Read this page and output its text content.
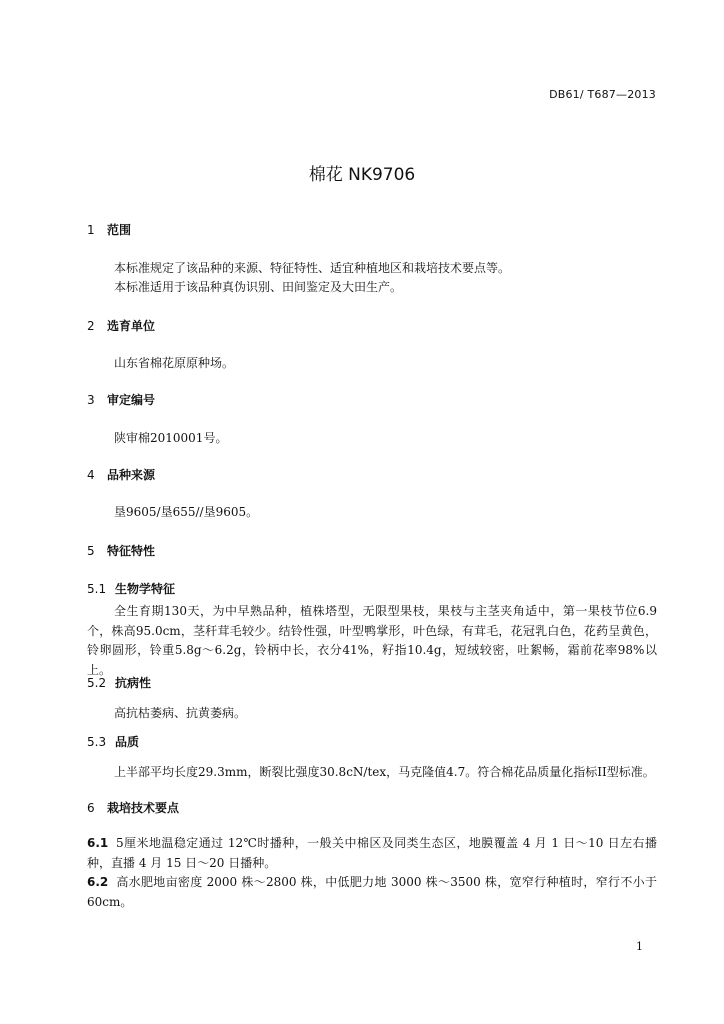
DB61/ T687—2013
棉花 NK9706
1 范围
本标准规定了该品种的来源、特征特性、适宜种植地区和栽培技术要点等。
本标准适用于该品种真伪识别、田间鉴定及大田生产。
2 选育单位
山东省棉花原原种场。
3 审定编号
陕审棉2010001号。
4 品种来源
垦9605/垦655//垦9605。
5 特征特性
5.1 生物学特征
全生育期130天，为中早熟品种，植株塔型，无限型果枝，果枝与主茎夹角适中，第一果枝节位6.9个，株高95.0cm，茎秆茸毛较少。结铃性强，叶型鸭掌形，叶色绿，有茸毛，花冠乳白色，花药呈黄色，铃卵圆形，铃重5.8g～6.2g，铃柄中长，衣分41%，籽指10.4g，短绒较密，吐絮畅，霜前花率98%以上。
5.2 抗病性
高抗枯萎病、抗黄萎病。
5.3 品质
上半部平均长度29.3mm，断裂比强度30.8cN/tex，马克隆值4.7。符合棉花品质量化指标II型标准。
6 栽培技术要点
6.1 5厘米地温稳定通过 12℃时播种，一般关中棉区及同类生态区，地膜覆盖 4 月 1 日～10 日左右播种，直播 4 月 15 日～20 日播种。
6.2 高水肥地亩密度 2000 株～2800 株，中低肥力地 3000 株～3500 株，宽窄行种植时，窄行不小于 60cm。
1
